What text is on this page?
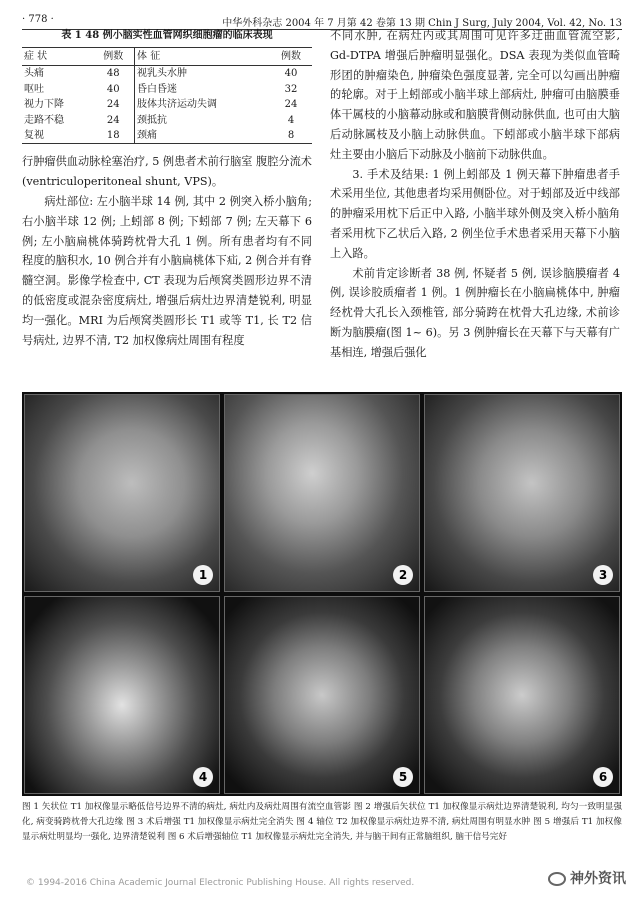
· 778 ·	中华外科杂志 2004 年 7 月第 42 卷第 13 期 Chin J Surg, July 2004, Vol. 42, No. 13
表 1 48 例小脑实性血管网织细胞瘤的临床表现
症 状	例数	体 征	例数
头痛	48	视乳头水肿	40
呕吐	40	昏白昏迷	32
视力下降	24	肢体共济运动失调	24
走路不稳	24	颈抵抗	4
复视	18	颈痛	8

行肿瘤供血动脉栓塞治疗, 5 例患者术前行脑室 腹腔分流术(ventriculoperitoneal shunt, VPS)。

病灶部位: 左小脑半球 14 例, 其中 2 例突入桥小脑角; 右小脑半球 12 例; 上蚓部 8 例; 下蚓部 7 例; 左天幕下 6 例; 左小脑扁桃体骑跨枕骨大孔 1 例。所有患者均有不同程度的脑积水, 10 例合并有小脑扁桃体下疝, 2 例合并有脊髓空洞。影像学检查中, CT 表现为后颅窝类圆形边界不清的低密度或混杂密度病灶, 增强后病灶边界清楚锐利, 明显均一强化。MRI 为后颅窝类圆形长 T1 或等 T1, 长 T2 信号病灶, 边界不清, T2 加权像病灶周围有程度

不同水肿, 在病灶内或其周围可见许多迂曲血管流空影, Gd-DTPA 增强后肿瘤明显强化。DSA 表现为类似血管畸形团的肿瘤染色, 肿瘤染色强度显著, 完全可以勾画出肿瘤的轮廓。对于上蚓部或小脑半球上部病灶, 肿瘤可由脑膜垂体干属枝的小脑幕动脉或和脑膜背侧动脉供血, 也可由大脑后动脉属枝及小脑上动脉供血。下蚓部或小脑半球下部病灶主要由小脑后下动脉及小脑前下动脉供血。

3. 手术及结果: 1 例上蚓部及 1 例天幕下肿瘤患者手术采用坐位, 其他患者均采用侧卧位。对于蚓部及近中线部的肿瘤采用枕下后正中入路, 小脑半球外侧及突入桥小脑角者采用枕下乙状后入路, 2 例坐位手术患者采用天幕下小脑上入路。

术前肯定诊断者 38 例, 怀疑者 5 例, 误诊脑膜瘤者 4 例, 误诊胶质瘤者 1 例。1 例肿瘤长在小脑扁桃体中, 肿瘤经枕骨大孔长入颈椎管, 部分骑跨在枕骨大孔边缘, 术前诊断为脑膜瘤(图 1~ 6)。另 3 例肿瘤长在天幕下与天幕有广基相连, 增强后强化

1	2	3
4	5	6
图 1 矢状位 T1 加权像显示略低信号边界不清的病灶, 病灶内及病灶周围有流空血管影 图 2 增强后矢状位 T1 加权像显示病灶边界清楚锐利, 均匀一致明显强化, 病变骑跨枕骨大孔边缘 图 3 术后增强 T1 加权像显示病灶完全消失 图 4 轴位 T2 加权像显示病灶边界不清, 病灶周围有明显水肿 图 5 增强后 T1 加权像显示病灶明显均一强化, 边界清楚锐利 图 6 术后增强轴位 T1 加权像显示病灶完全消失, 并与脑干间有正常脑组织, 脑干信号完好
© 1994-2016 China Academic Journal Electronic Publishing House. All rights reserved.	神外资讯
